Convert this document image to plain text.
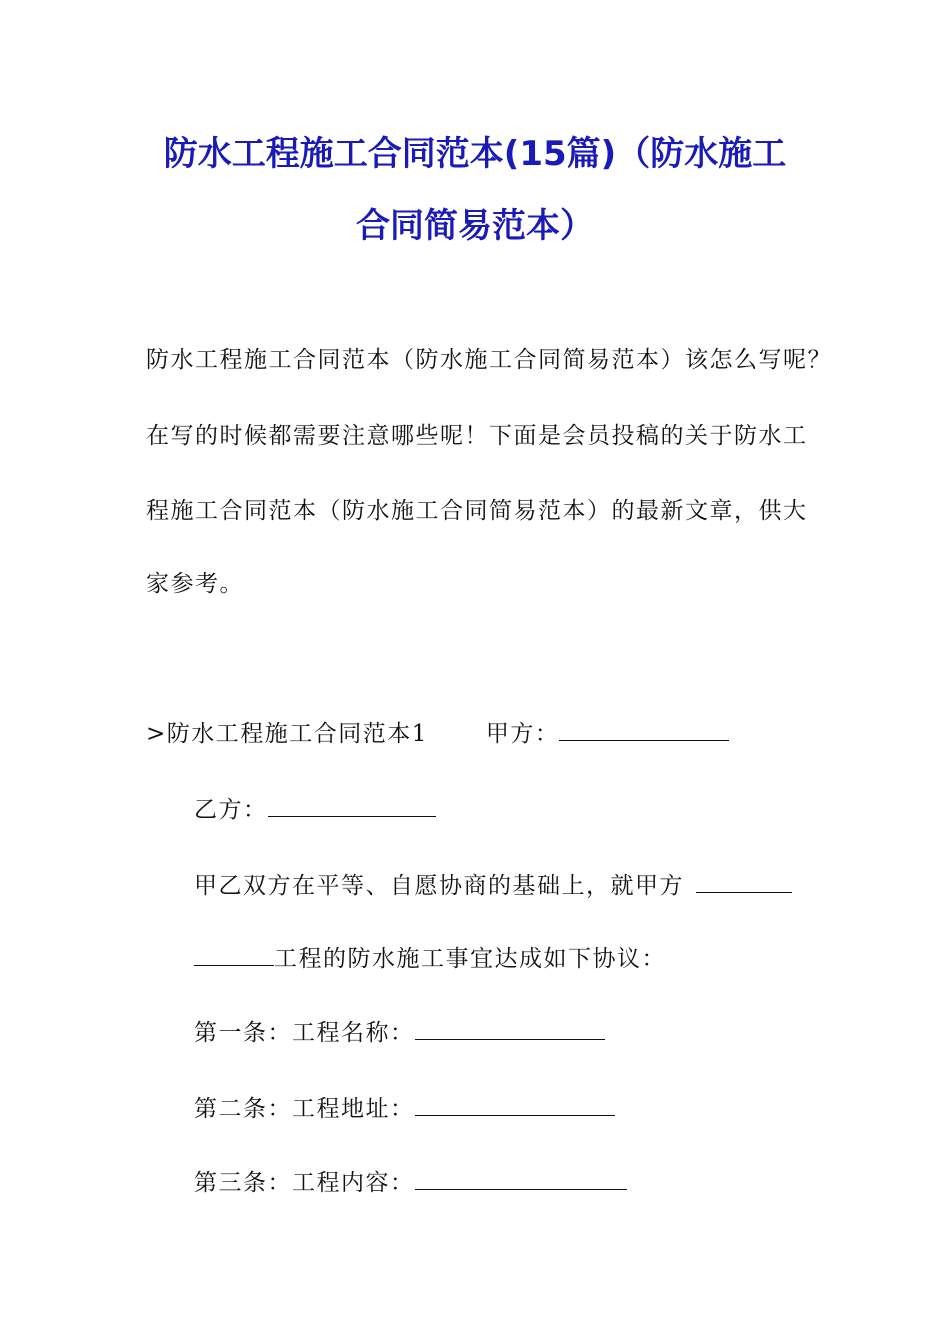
防水工程施工合同范本(15篇)（防水施工
合同简易范本）
防水工程施工合同范本（防水施工合同简易范本）该怎么写呢？
在写的时候都需要注意哪些呢！下面是会员投稿的关于防水工
程施工合同范本（防水施工合同简易范本）的最新文章，供大
家参考。
>防水工程施工合同范本1	甲方：
乙方：
甲乙双方在平等、自愿协商的基础上，就甲方
工程的防水施工事宜达成如下协议：
第一条：工程名称：
第二条：工程地址：
第三条：工程内容：
